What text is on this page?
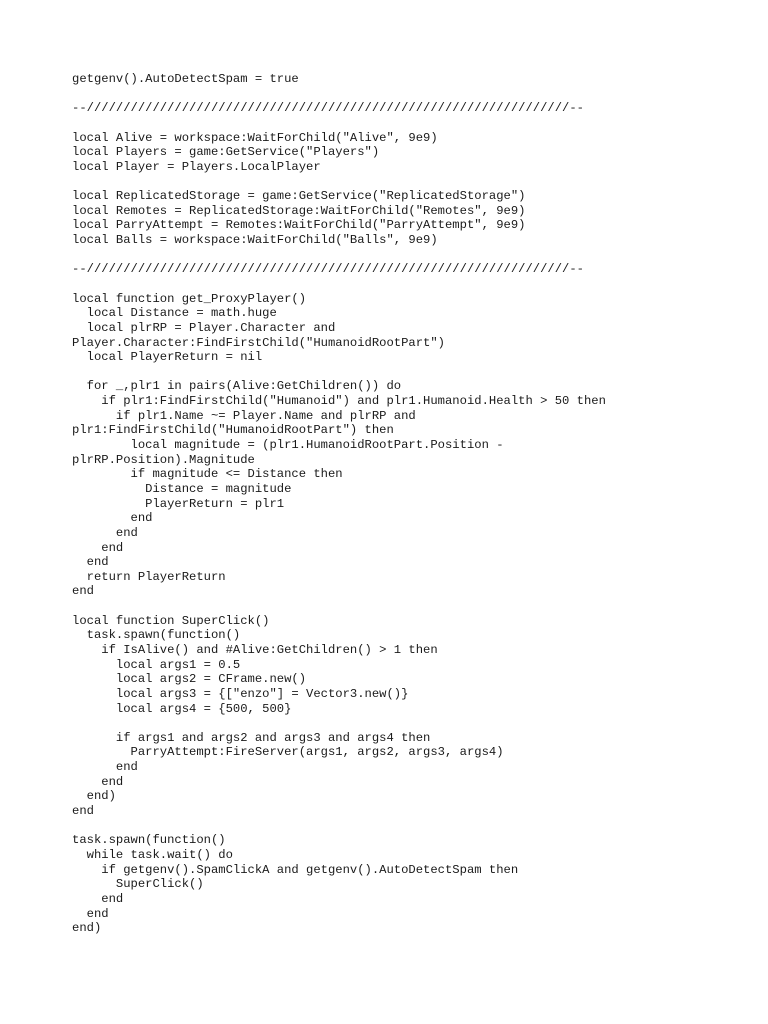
getgenv().AutoDetectSpam = true

--//////////////////////////////////////////////////////////////////--

local Alive = workspace:WaitForChild("Alive", 9e9)
local Players = game:GetService("Players")
local Player = Players.LocalPlayer

local ReplicatedStorage = game:GetService("ReplicatedStorage")
local Remotes = ReplicatedStorage:WaitForChild("Remotes", 9e9)
local ParryAttempt = Remotes:WaitForChild("ParryAttempt", 9e9)
local Balls = workspace:WaitForChild("Balls", 9e9)

--//////////////////////////////////////////////////////////////////--

local function get_ProxyPlayer()
local Distance = math.huge
local plrRP = Player.Character and
Player.Character:FindFirstChild("HumanoidRootPart")
local PlayerReturn = nil

for _,plr1 in pairs(Alive:GetChildren()) do
if plr1:FindFirstChild("Humanoid") and plr1.Humanoid.Health > 50 then
if plr1.Name ~= Player.Name and plrRP and
plr1:FindFirstChild("HumanoidRootPart") then
local magnitude = (plr1.HumanoidRootPart.Position -
plrRP.Position).Magnitude
if magnitude <= Distance then
Distance = magnitude
PlayerReturn = plr1
end
end
end
end
return PlayerReturn
end

local function SuperClick()
task.spawn(function()
if IsAlive() and #Alive:GetChildren() > 1 then
local args1 = 0.5
local args2 = CFrame.new()
local args3 = {["enzo"] = Vector3.new()}
local args4 = {500, 500}

if args1 and args2 and args3 and args4 then
ParryAttempt:FireServer(args1, args2, args3, args4)
end
end
end)
end

task.spawn(function()
while task.wait() do
if getgenv().SpamClickA and getgenv().AutoDetectSpam then
SuperClick()
end
end
end)
